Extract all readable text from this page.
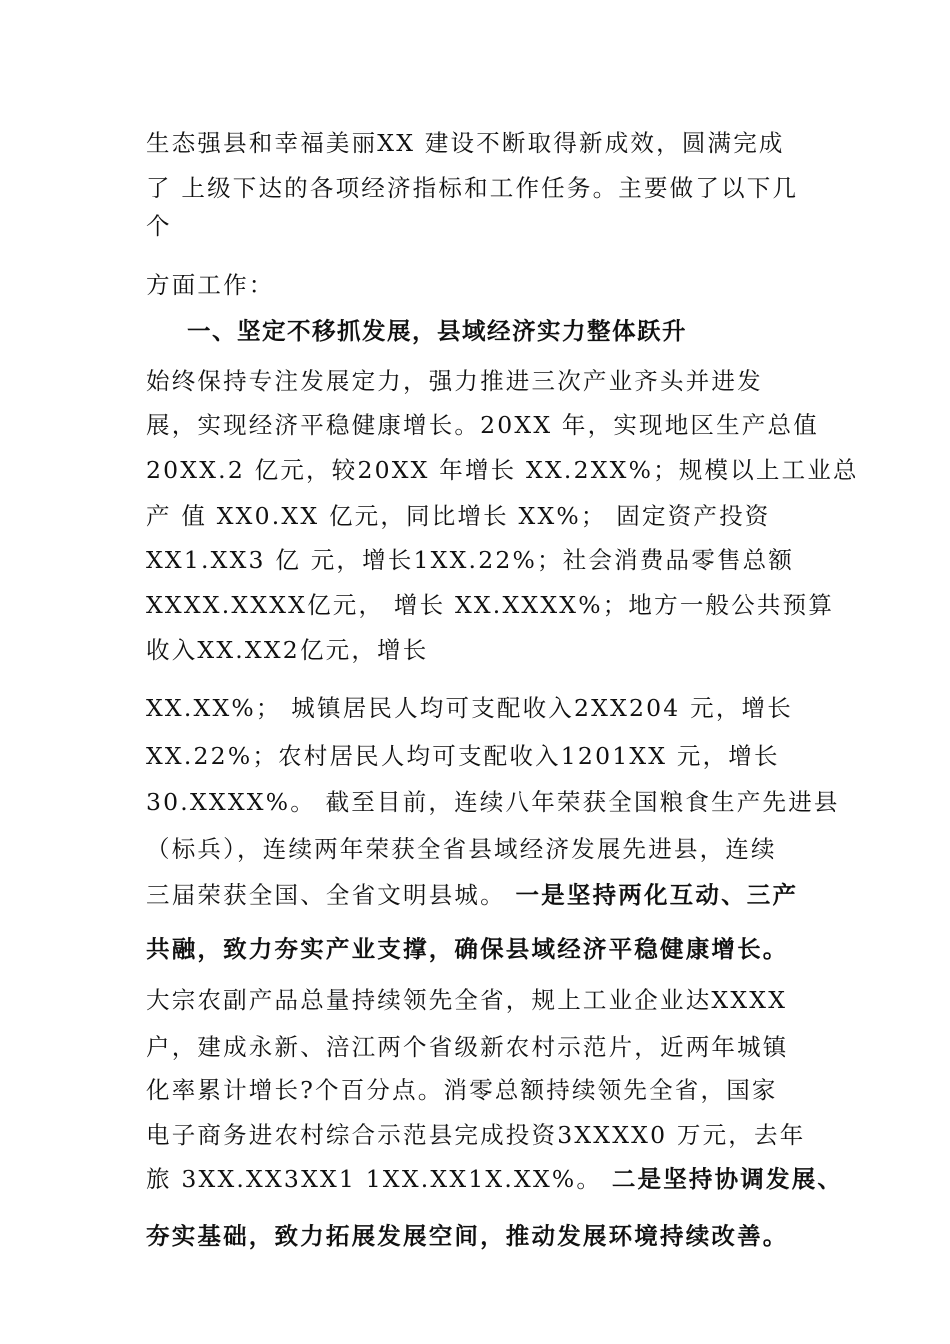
生态强县和幸福美丽XX 建设不断取得新成效，圆满完成
了 上级下达的各项经济指标和工作任务。主要做了以下几
个
方面工作：
一、坚定不移抓发展，县域经济实力整体跃升
始终保持专注发展定力，强力推进三次产业齐头并进发
展，实现经济平稳健康增长。20XX 年，实现地区生产总值
20XX.2 亿元，较20XX 年增长 XX.2XX%；规模以上工业总
产 值 XX0.XX 亿元，同比增长 XX%； 固定资产投资
XX1.XX3 亿 元，增长1XX.22%；社会消费品零售总额
XXXX.XXXX亿元， 增长 XX.XXXX%；地方一般公共预算
收入XX.XX2亿元，增长
XX.XX%； 城镇居民人均可支配收入2XX204 元，增长
XX.22%；农村居民人均可支配收入1201XX 元，增长
30.XXXX%。 截至目前，连续八年荣获全国粮食生产先进县
（标兵），连续两年荣获全省县域经济发展先进县，连续
三届荣获全国、全省文明县城。 一是坚持两化互动、三产
共融，致力夯实产业支撑，确保县域经济平稳健康增长。
大宗农副产品总量持续领先全省，规上工业企业达XXXX
户，建成永新、涪江两个省级新农村示范片，近两年城镇
化率累计增长?个百分点。消零总额持续领先全省，国家
电子商务进农村综合示范县完成投资3XXXX0 万元，去年
旅 3XX.XX3XX1 1XX.XX1X.XX%。 二是坚持协调发展、
夯实基础，致力拓展发展空间，推动发展环境持续改善。
